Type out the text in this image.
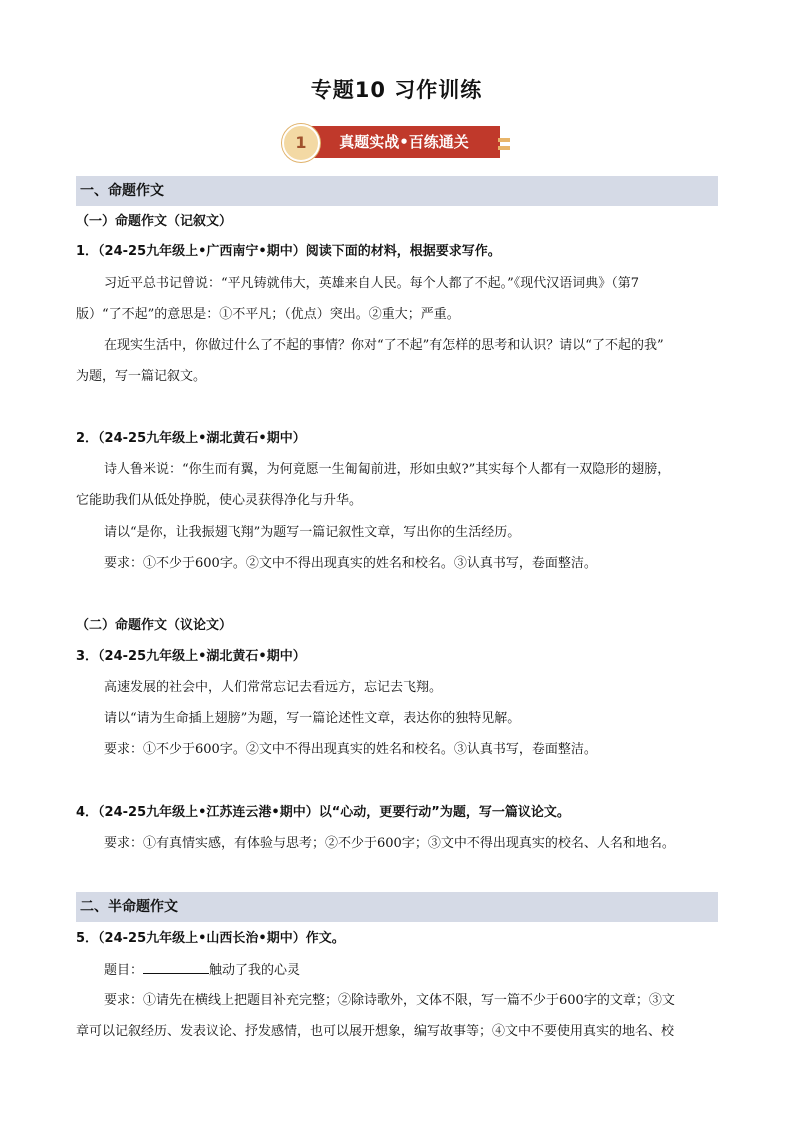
专题10 习作训练
真题实战•百练通关
1
一、命题作文
（一）命题作文（记叙文）
1．（24-25九年级上•广西南宁•期中）阅读下面的材料，根据要求写作。
习近平总书记曾说：“平凡铸就伟大，英雄来自人民。每个人都了不起。”《现代汉语词典》（第7
版）“了不起”的意思是：①不平凡；（优点）突出。②重大；严重。
在现实生活中，你做过什么了不起的事情？你对“了不起”有怎样的思考和认识？请以“了不起的我”
为题，写一篇记叙文。
2．（24-25九年级上•湖北黄石•期中）
诗人鲁米说：“你生而有翼，为何竟愿一生匍匐前进，形如虫蚁?”其实每个人都有一双隐形的翅膀，
它能助我们从低处挣脱，使心灵获得净化与升华。
请以“是你，让我振翅飞翔”为题写一篇记叙性文章，写出你的生活经历。
要求：①不少于600字。②文中不得出现真实的姓名和校名。③认真书写，卷面整洁。
（二）命题作文（议论文）
3．（24-25九年级上•湖北黄石•期中）
高速发展的社会中，人们常常忘记去看远方，忘记去飞翔。
请以“请为生命插上翅膀”为题，写一篇论述性文章，表达你的独特见解。
要求：①不少于600字。②文中不得出现真实的姓名和校名。③认真书写，卷面整洁。
4．（24-25九年级上•江苏连云港•期中）以“心动，更要行动”为题，写一篇议论文。
要求：①有真情实感，有体验与思考；②不少于600字；③文中不得出现真实的校名、人名和地名。
二、半命题作文
5．（24-25九年级上•山西长治•期中）作文。
题目：	触动了我的心灵
要求：①请先在横线上把题目补充完整；②除诗歌外，文体不限，写一篇不少于600字的文章；③文
章可以记叙经历、发表议论、抒发感情，也可以展开想象，编写故事等；④文中不要使用真实的地名、校
